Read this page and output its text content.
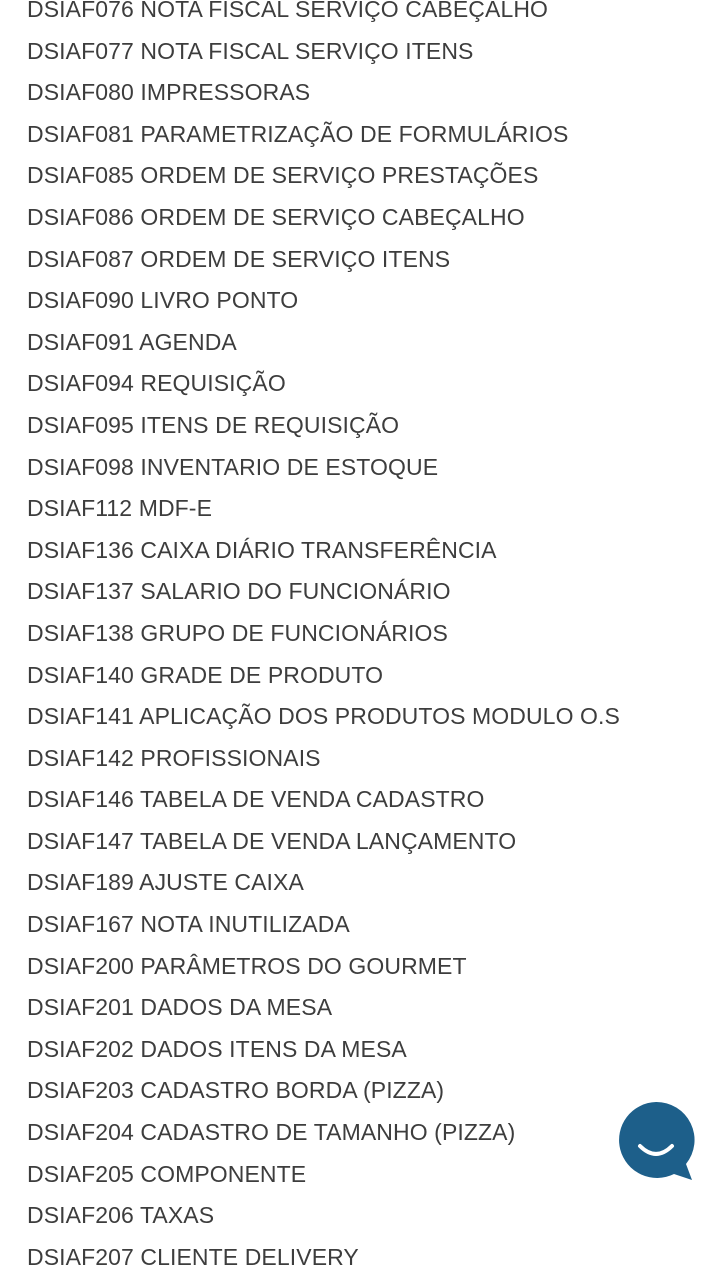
DSIAF076 NOTA FISCAL SERVIÇO CABEÇALHO
DSIAF077 NOTA FISCAL SERVIÇO ITENS
DSIAF080 IMPRESSORAS
DSIAF081 PARAMETRIZAÇÃO DE FORMULÁRIOS
DSIAF085 ORDEM DE SERVIÇO PRESTAÇÕES
DSIAF086 ORDEM DE SERVIÇO CABEÇALHO
DSIAF087 ORDEM DE SERVIÇO ITENS
DSIAF090 LIVRO PONTO
DSIAF091 AGENDA
DSIAF094 REQUISIÇÃO
DSIAF095 ITENS DE REQUISIÇÃO
DSIAF098 INVENTARIO DE ESTOQUE
DSIAF112 MDF-E
DSIAF136 CAIXA DIÁRIO TRANSFERÊNCIA
DSIAF137 SALARIO DO FUNCIONÁRIO
DSIAF138 GRUPO DE FUNCIONÁRIOS
DSIAF140 GRADE DE PRODUTO
DSIAF141 APLICAÇÃO DOS PRODUTOS MODULO O.S
DSIAF142 PROFISSIONAIS
DSIAF146 TABELA DE VENDA CADASTRO
DSIAF147 TABELA DE VENDA LANÇAMENTO
DSIAF189 AJUSTE CAIXA
DSIAF167 NOTA INUTILIZADA
DSIAF200 PARÂMETROS DO GOURMET
DSIAF201 DADOS DA MESA
DSIAF202 DADOS ITENS DA MESA
DSIAF203 CADASTRO BORDA (PIZZA)
DSIAF204 CADASTRO DE TAMANHO (PIZZA)
DSIAF205 COMPONENTE
DSIAF206 TAXAS
DSIAF207 CLIENTE DELIVERY
